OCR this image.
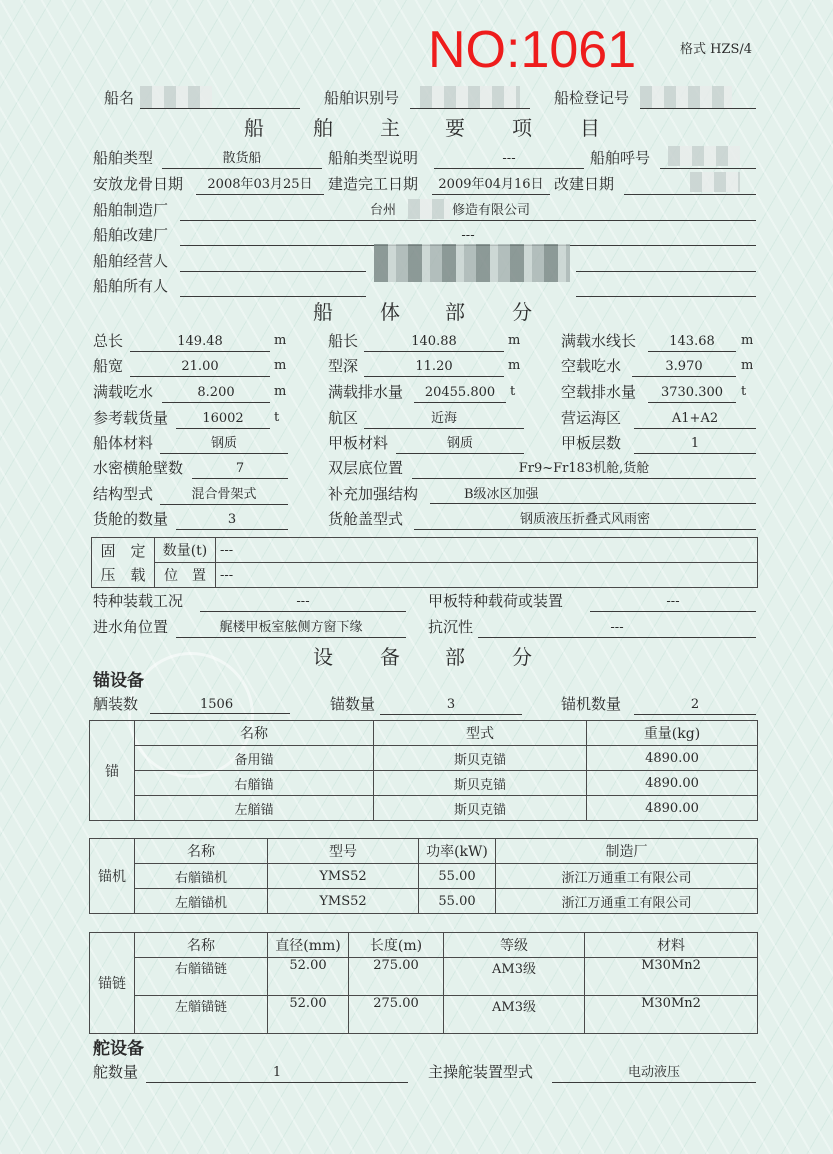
NO:1061	格式 HZS/4
船名	船舶识别号	船检登记号
船 舶 主 要 项 目
船舶类型	散货船	船舶类型说明	---	船舶呼号
安放龙骨日期	2008年03月25日	建造完工日期	2009年04月16日 改建日期
船舶制造厂	台州	修造有限公司
船舶改建厂	---
船舶经营人
船舶所有人
船 体 部 分
总长	149.48	m	船长	140.88	m	满载水线长	143.68	m
船宽	21.00	m	型深	11.20	m	空载吃水	3.970	m
满载吃水	8.200	m	满载排水量	20455.800	t	空载排水量	3730.300	t
参考载货量	16002	t	航区	近海	营运海区	A1+A2
船体材料	钢质	甲板材料	钢质	甲板层数	1
水密横舱壁数	7	双层底位置	Fr9~Fr183机舱,货舱
结构型式	混合骨架式	补充加强结构	B级冰区加强
货舱的数量	3	货舱盖型式	钢质液压折叠式风雨密
固　定	数量(t)	---
压　载	位　置	---
特种装载工况	---	甲板特种载荷或装置	---
进水角位置	艉楼甲板室舷侧方窗下缘	抗沉性	---
设 备 部 分
锚设备
舾装数	1506	锚数量	3	锚机数量	2
锚	名称	型式	重量(kg)
	备用锚	斯贝克锚	4890.00
	右艏锚	斯贝克锚	4890.00
	左艏锚	斯贝克锚	4890.00
锚机	名称	型号	功率(kW)	制造厂
	右艏锚机	YMS52	55.00	浙江万通重工有限公司
	左艏锚机	YMS52	55.00	浙江万通重工有限公司
锚链	名称	直径(mm)	长度(m)	等级	材料
	右艏锚链	52.00	275.00	AM3级	M30Mn2
	左艏锚链	52.00	275.00	AM3级	M30Mn2
舵设备
舵数量	1	主操舵装置型式	电动液压
